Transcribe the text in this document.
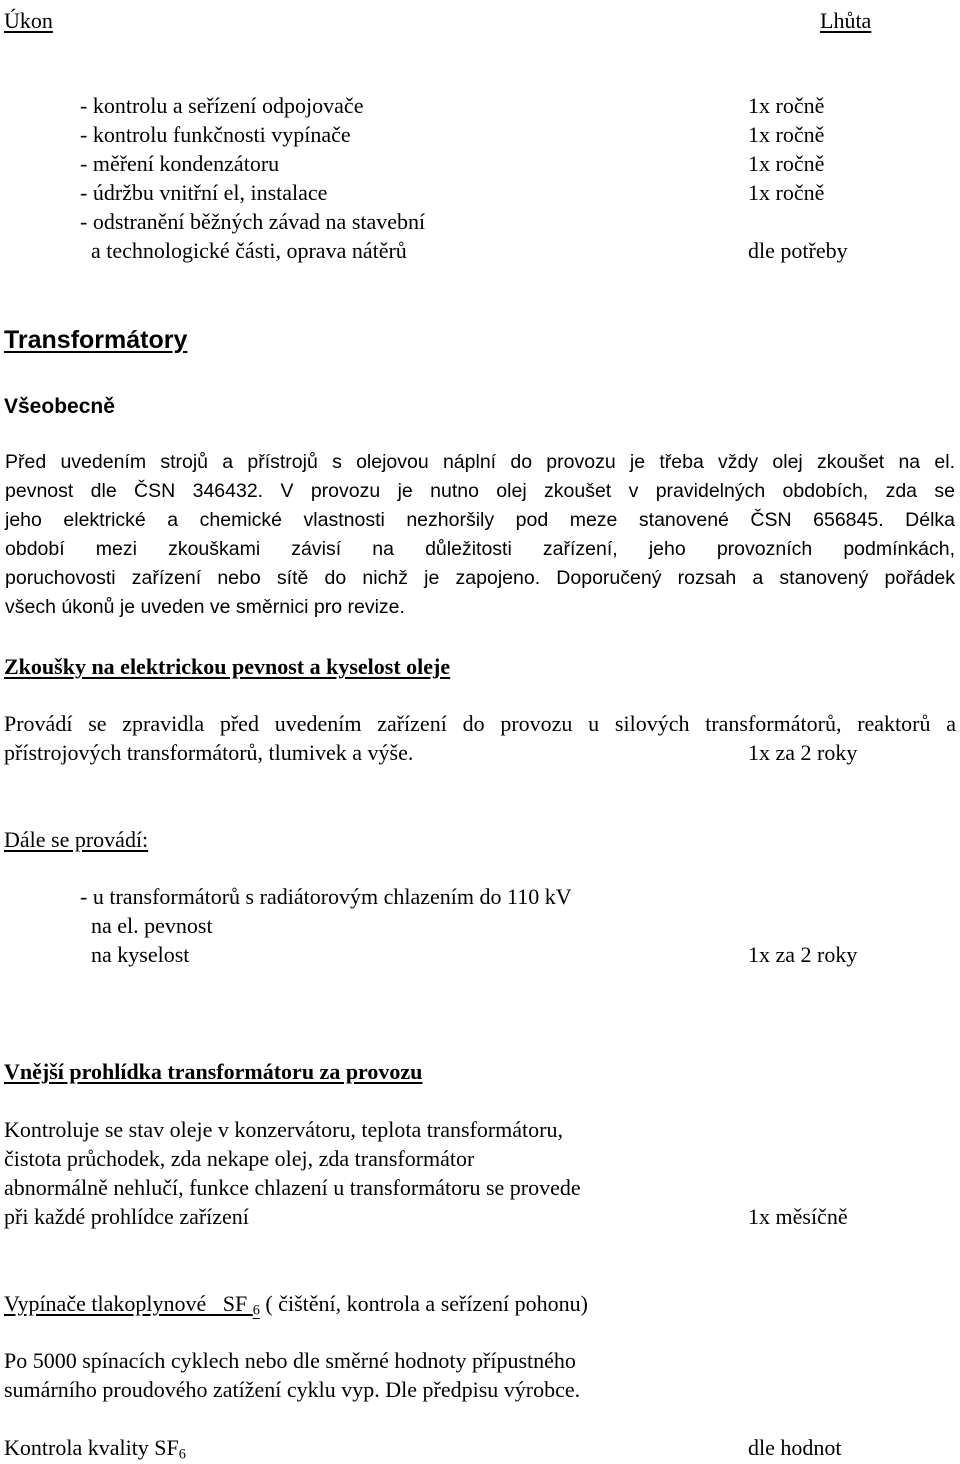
Úkon	Lhůta
- kontrolu a seřízení odpojovače	1x ročně
- kontrolu funkčnosti vypínače	1x ročně
- měření kondenzátoru	1x ročně
- údržbu vnitřní el, instalace	1x ročně
- odstranění běžných závad na stavební
a technologické části, oprava nátěrů	dle potřeby
Transformátory
Všeobecně
Před uvedením strojů a přístrojů s olejovou náplní do provozu je třeba vždy olej zkoušet na el.
pevnost dle ČSN 346432. V provozu je nutno olej zkoušet v pravidelných obdobích, zda se
jeho elektrické a chemické vlastnosti nezhoršily pod meze stanovené ČSN 656845. Délka
období mezi zkouškami závisí na důležitosti zařízení, jeho provozních podmínkách,
poruchovosti zařízení nebo sítě do nichž je zapojeno. Doporučený rozsah a stanovený pořádek
všech úkonů je uveden ve směrnici pro revize.
Zkoušky na elektrickou pevnost a kyselost oleje
Provádí se zpravidla před uvedením zařízení do provozu u silových transformátorů, reaktorů a
přístrojových transformátorů, tlumivek a výše.	1x za 2 roky
Dále se provádí:
- u transformátorů s radiátorovým chlazením do 110 kV
na el. pevnost
na kyselost	1x za 2 roky
Vnější prohlídka transformátoru za provozu
Kontroluje se stav oleje v konzervátoru, teplota transformátoru,
čistota průchodek, zda nekape olej, zda transformátor
abnormálně nehlučí, funkce chlazení u transformátoru se provede
při každé prohlídce zařízení	1x měsíčně
Vypínače tlakoplynové   SF $_6$ ( čištění, kontrola a seřízení pohonu)
Po 5000 spínacích cyklech nebo dle směrné hodnoty přípustného
sumárního proudového zatížení cyklu vyp. Dle předpisu výrobce.
Kontrola kvality $SF_6$	dle hodnot
